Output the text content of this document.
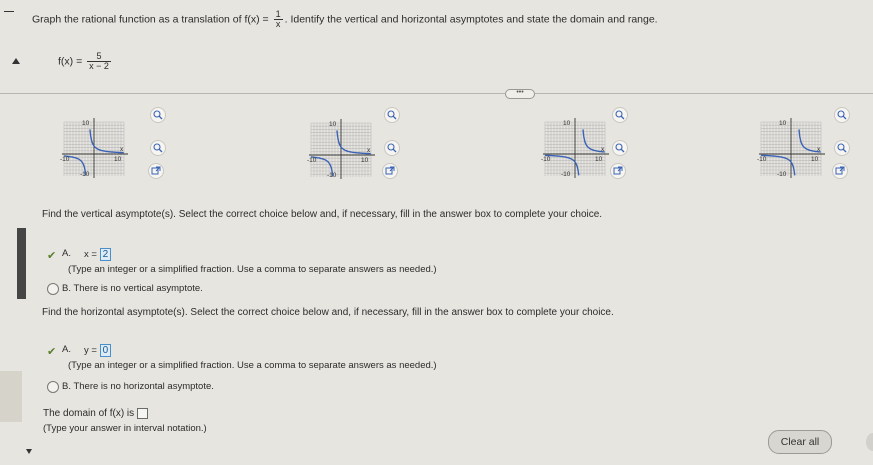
Graph the rational function as a translation of $f(x) = \frac{1}{x}$ . Identify the vertical and horizontal asymptotes and state the domain and range.
$f(x) = \frac{5}{x - 2}$
•••
10
x
-10	10
-10
10
x
-10	10
-10
10
x
-10	10
-10
10
x
-10	10
-10
Find the vertical asymptote(s). Select the correct choice below and, if necessary, fill in the answer box to complete your choice.
✔ A. x = 2
(Type an integer or a simplified fraction. Use a comma to separate answers as needed.)
B. There is no vertical asymptote.
Find the horizontal asymptote(s). Select the correct choice below and, if necessary, fill in the answer box to complete your choice.
✔ A. y = 0
(Type an integer or a simplified fraction. Use a comma to separate answers as needed.)
B. There is no horizontal asymptote.
The domain of f(x) is
(Type your answer in interval notation.)
Clear all
